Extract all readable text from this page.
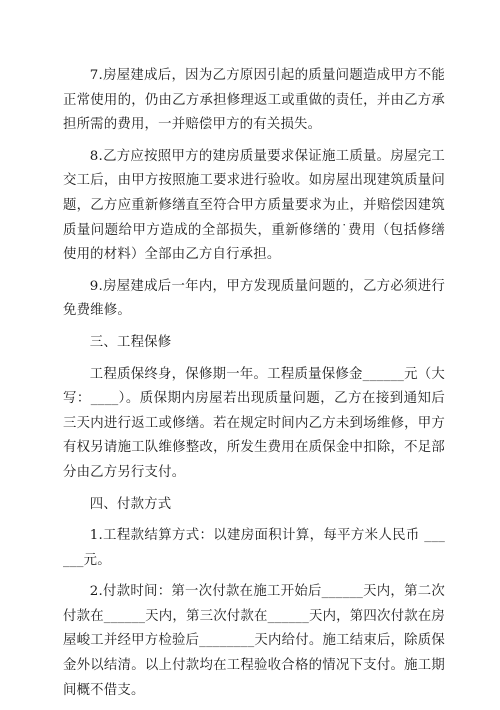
7.房屋建成后，因为乙方原因引起的质量问题造成甲方不能正常使用的，仍由乙方承担修理返工或重做的责任，并由乙方承担所需的费用，一并赔偿甲方的有关损失。

8.乙方应按照甲方的建房质量要求保证施工质量。房屋完工交工后，由甲方按照施工要求进行验收。如房屋出现建筑质量问题，乙方应重新修缮直至符合甲方质量要求为止，并赔偿因建筑质量问题给甲方造成的全部损失，重新修缮的˙费用（包括修缮使用的材料）全部由乙方自行承担。

9.房屋建成后一年内，甲方发现质量问题的，乙方必须进行免费维修。

三、工程保修

工程质保终身，保修期一年。工程质量保修金______元（大写：____）。质保期内房屋若出现质量问题，乙方在接到通知后三天内进行返工或修缮。若在规定时间内乙方未到场维修，甲方有权另请施工队维修整改，所发生费用在质保金中扣除，不足部分由乙方另行支付。

四、付款方式

1.工程款结算方式：以建房面积计算，每平方米人民币 ______元。

2.付款时间：第一次付款在施工开始后______天内，第二次付款在______天内，第三次付款在______天内，第四次付款在房屋峻工并经甲方检验后________天内给付。施工结束后，除质保金外以结清。以上付款均在工程验收合格的情况下支付。施工期间概不借支。
